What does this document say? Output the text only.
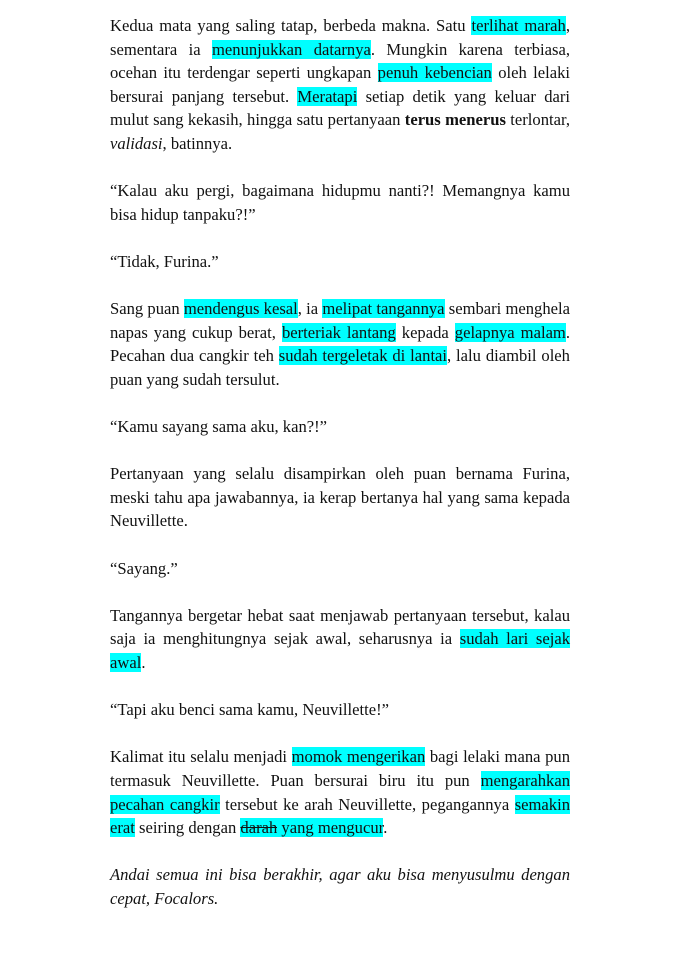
Kedua mata yang saling tatap, berbeda makna. Satu terlihat marah, sementara ia menunjukkan datarnya. Mungkin karena terbiasa, ocehan itu terdengar seperti ungkapan penuh kebencian oleh lelaki bersurai panjang tersebut. Meratapi setiap detik yang keluar dari mulut sang kekasih, hingga satu pertanyaan terus menerus terlontar, validasi, batinnya.

“Kalau aku pergi, bagaimana hidupmu nanti?! Memangnya kamu bisa hidup tanpaku?!”

“Tidak, Furina.”

Sang puan mendengus kesal, ia melipat tangannya sembari menghela napas yang cukup berat, berteriak lantang kepada gelapnya malam. Pecahan dua cangkir teh sudah tergeletak di lantai, lalu diambil oleh puan yang sudah tersulut.

“Kamu sayang sama aku, kan?!”

Pertanyaan yang selalu disampirkan oleh puan bernama Furina, meski tahu apa jawabannya, ia kerap bertanya hal yang sama kepada Neuvillette.

“Sayang.”

Tangannya bergetar hebat saat menjawab pertanyaan tersebut, kalau saja ia menghitungnya sejak awal, seharusnya ia sudah lari sejak awal.

“Tapi aku benci sama kamu, Neuvillette!”

Kalimat itu selalu menjadi momok mengerikan bagi lelaki mana pun termasuk Neuvillette. Puan bersurai biru itu pun mengarahkan pecahan cangkir tersebut ke arah Neuvillette, pegangannya semakin erat seiring dengan darah yang mengucur.

Andai semua ini bisa berakhir, agar aku bisa menyusulmu dengan cepat, Focalors.
